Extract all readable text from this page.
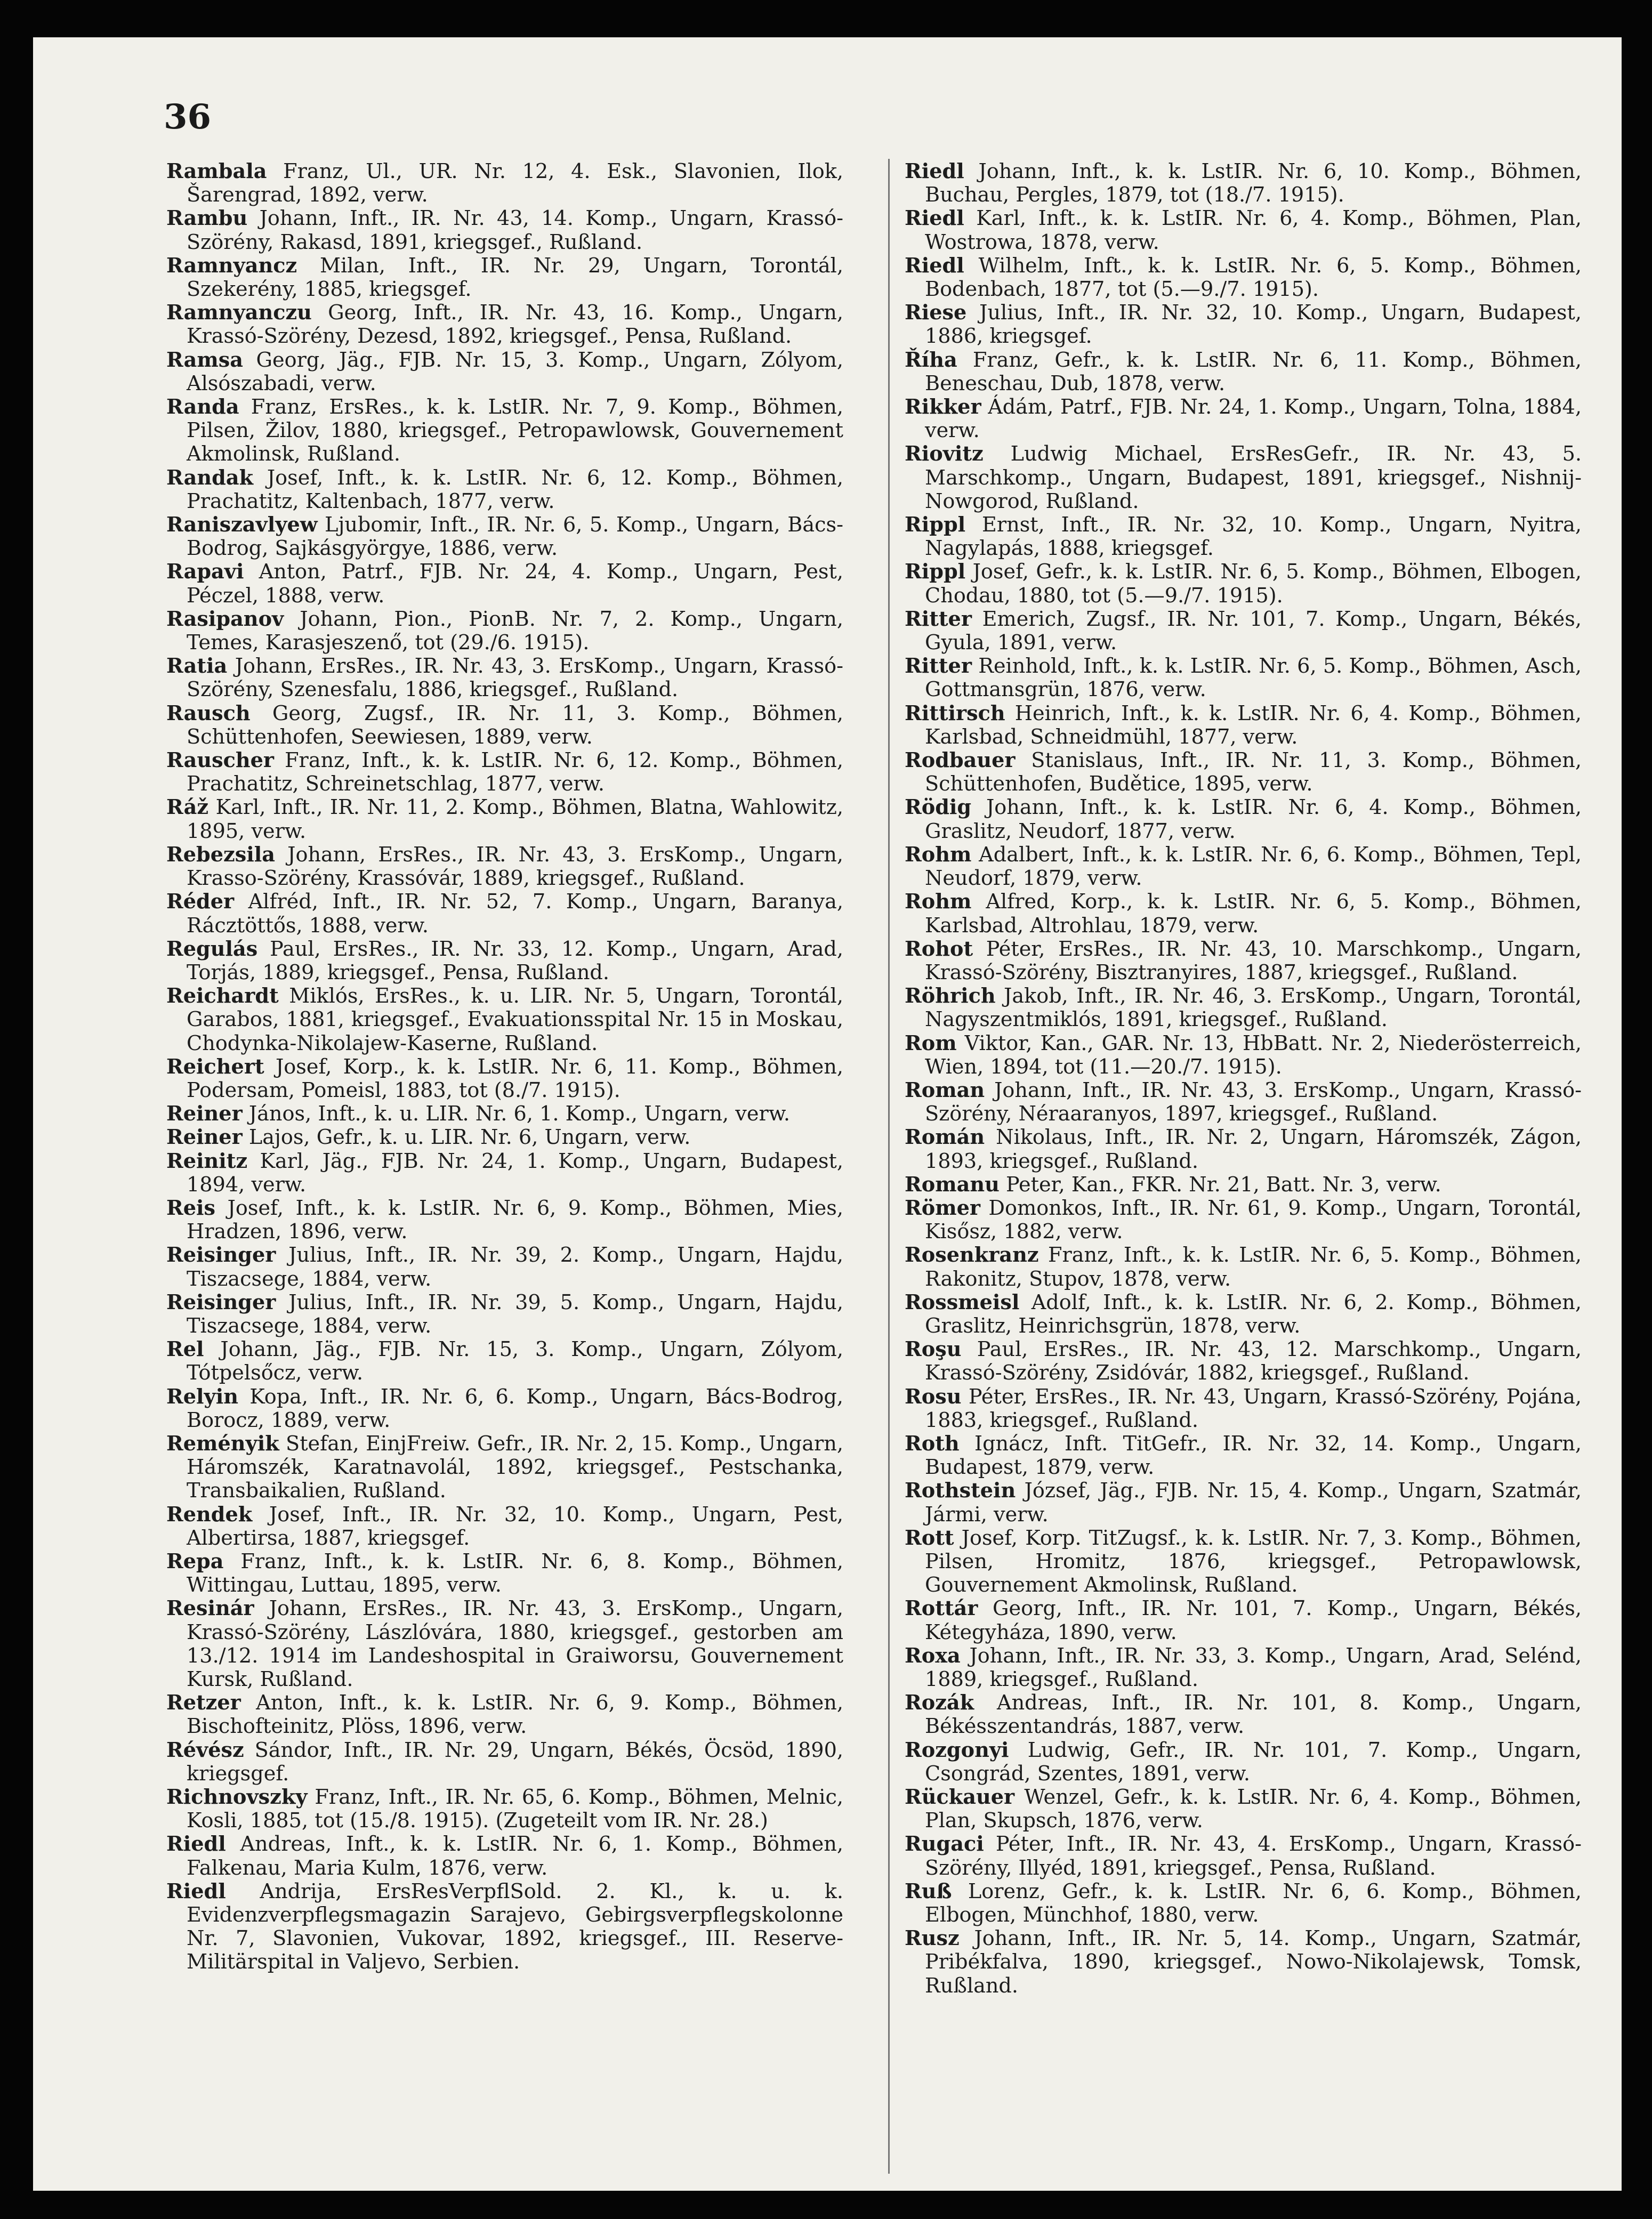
36

Rambala Franz, Ul., UR. Nr. 12, 4. Esk., Slavonien, Ilok, Šarengrad, 1892, verw.

Rambu Johann, Inft., IR. Nr. 43, 14. Komp., Ungarn, Krassó-Szörény, Rakasd, 1891, kriegsgef., Rußland.

Ramnyancz Milan, Inft., IR. Nr. 29, Ungarn, Torontál, Szekerény, 1885, kriegsgef.

Ramnyanczu Georg, Inft., IR. Nr. 43, 16. Komp., Ungarn, Krassó-Szörény, Dezesd, 1892, kriegsgef., Pensa, Rußland.

Ramsa Georg, Jäg., FJB. Nr. 15, 3. Komp., Ungarn, Zólyom, Alsószabadi, verw.

Randa Franz, ErsRes., k. k. LstIR. Nr. 7, 9. Komp., Böhmen, Pilsen, Žilov, 1880, kriegsgef., Petropawlowsk, Gouvernement Akmolinsk, Rußland.

Randak Josef, Inft., k. k. LstIR. Nr. 6, 12. Komp., Böhmen, Prachatitz, Kaltenbach, 1877, verw.

Raniszavlyew Ljubomir, Inft., IR. Nr. 6, 5. Komp., Ungarn, Bács-Bodrog, Sajkásgyörgye, 1886, verw.

Rapavi Anton, Patrf., FJB. Nr. 24, 4. Komp., Ungarn, Pest, Péczel, 1888, verw.

Rasipanov Johann, Pion., PionB. Nr. 7, 2. Komp., Ungarn, Temes, Karasjeszenő, tot (29./6. 1915).

Ratia Johann, ErsRes., IR. Nr. 43, 3. ErsKomp., Ungarn, Krassó-Szörény, Szenesfalu, 1886, kriegsgef., Rußland.

Rausch Georg, Zugsf., IR. Nr. 11, 3. Komp., Böhmen, Schüttenhofen, Seewiesen, 1889, verw.

Rauscher Franz, Inft., k. k. LstIR. Nr. 6, 12. Komp., Böhmen, Prachatitz, Schreinetschlag, 1877, verw.

Ráž Karl, Inft., IR. Nr. 11, 2. Komp., Böhmen, Blatna, Wahlowitz, 1895, verw.

Rebezsila Johann, ErsRes., IR. Nr. 43, 3. ErsKomp., Ungarn, Krasso-Szörény, Krassóvár, 1889, kriegsgef., Rußland.

Réder Alfréd, Inft., IR. Nr. 52, 7. Komp., Ungarn, Baranya, Rácztöttős, 1888, verw.

Regulás Paul, ErsRes., IR. Nr. 33, 12. Komp., Ungarn, Arad, Torjás, 1889, kriegsgef., Pensa, Rußland.

Reichardt Miklós, ErsRes., k. u. LIR. Nr. 5, Ungarn, Torontál, Garabos, 1881, kriegsgef., Evakuationsspital Nr. 15 in Moskau, Chodynka-Nikolajew-Kaserne, Rußland.

Reichert Josef, Korp., k. k. LstIR. Nr. 6, 11. Komp., Böhmen, Podersam, Pomeisl, 1883, tot (8./7. 1915).

Reiner János, Inft., k. u. LIR. Nr. 6, 1. Komp., Ungarn, verw.

Reiner Lajos, Gefr., k. u. LIR. Nr. 6, Ungarn, verw.

Reinitz Karl, Jäg., FJB. Nr. 24, 1. Komp., Ungarn, Budapest, 1894, verw.

Reis Josef, Inft., k. k. LstIR. Nr. 6, 9. Komp., Böhmen, Mies, Hradzen, 1896, verw.

Reisinger Julius, Inft., IR. Nr. 39, 2. Komp., Ungarn, Hajdu, Tiszacsege, 1884, verw.

Reisinger Julius, Inft., IR. Nr. 39, 5. Komp., Ungarn, Hajdu, Tiszacsege, 1884, verw.

Rel Johann, Jäg., FJB. Nr. 15, 3. Komp., Ungarn, Zólyom, Tótpelsőcz, verw.

Relyin Kopa, Inft., IR. Nr. 6, 6. Komp., Ungarn, Bács-Bodrog, Borocz, 1889, verw.

Reményik Stefan, EinjFreiw. Gefr., IR. Nr. 2, 15. Komp., Ungarn, Háromszék, Karatnavolál, 1892, kriegsgef., Pestschanka, Transbaikalien, Rußland.

Rendek Josef, Inft., IR. Nr. 32, 10. Komp., Ungarn, Pest, Albertirsa, 1887, kriegsgef.

Repa Franz, Inft., k. k. LstIR. Nr. 6, 8. Komp., Böhmen, Wittingau, Luttau, 1895, verw.

Resinár Johann, ErsRes., IR. Nr. 43, 3. ErsKomp., Ungarn, Krassó-Szörény, Lászlóvára, 1880, kriegsgef., gestorben am 13./12. 1914 im Landeshospital in Graiworsu, Gouvernement Kursk, Rußland.

Retzer Anton, Inft., k. k. LstIR. Nr. 6, 9. Komp., Böhmen, Bischofteinitz, Plöss, 1896, verw.

Révész Sándor, Inft., IR. Nr. 29, Ungarn, Békés, Öcsöd, 1890, kriegsgef.

Richnovszky Franz, Inft., IR. Nr. 65, 6. Komp., Böhmen, Melnic, Kosli, 1885, tot (15./8. 1915). (Zugeteilt vom IR. Nr. 28.)

Riedl Andreas, Inft., k. k. LstIR. Nr. 6, 1. Komp., Böhmen, Falkenau, Maria Kulm, 1876, verw.

Riedl Andrija, ErsResVerpflSold. 2. Kl., k. u. k. Evidenzverpflegsmagazin Sarajevo, Gebirgsverpflegskolonne Nr. 7, Slavonien, Vukovar, 1892, kriegsgef., III. Reserve-Militärspital in Valjevo, Serbien.

Riedl Johann, Inft., k. k. LstIR. Nr. 6, 10. Komp., Böhmen, Buchau, Pergles, 1879, tot (18./7. 1915).

Riedl Karl, Inft., k. k. LstIR. Nr. 6, 4. Komp., Böhmen, Plan, Wostrowa, 1878, verw.

Riedl Wilhelm, Inft., k. k. LstIR. Nr. 6, 5. Komp., Böhmen, Bodenbach, 1877, tot (5.—9./7. 1915).

Riese Julius, Inft., IR. Nr. 32, 10. Komp., Ungarn, Budapest, 1886, kriegsgef.

Říha Franz, Gefr., k. k. LstIR. Nr. 6, 11. Komp., Böhmen, Beneschau, Dub, 1878, verw.

Rikker Ádám, Patrf., FJB. Nr. 24, 1. Komp., Ungarn, Tolna, 1884, verw.

Riovitz Ludwig Michael, ErsResGefr., IR. Nr. 43, 5. Marschkomp., Ungarn, Budapest, 1891, kriegsgef., Nishnij-Nowgorod, Rußland.

Rippl Ernst, Inft., IR. Nr. 32, 10. Komp., Ungarn, Nyitra, Nagylapás, 1888, kriegsgef.

Rippl Josef, Gefr., k. k. LstIR. Nr. 6, 5. Komp., Böhmen, Elbogen, Chodau, 1880, tot (5.—9./7. 1915).

Ritter Emerich, Zugsf., IR. Nr. 101, 7. Komp., Ungarn, Békés, Gyula, 1891, verw.

Ritter Reinhold, Inft., k. k. LstIR. Nr. 6, 5. Komp., Böhmen, Asch, Gottmansgrün, 1876, verw.

Rittirsch Heinrich, Inft., k. k. LstIR. Nr. 6, 4. Komp., Böhmen, Karlsbad, Schneidmühl, 1877, verw.

Rodbauer Stanislaus, Inft., IR. Nr. 11, 3. Komp., Böhmen, Schüttenhofen, Budětice, 1895, verw.

Rödig Johann, Inft., k. k. LstIR. Nr. 6, 4. Komp., Böhmen, Graslitz, Neudorf, 1877, verw.

Rohm Adalbert, Inft., k. k. LstIR. Nr. 6, 6. Komp., Böhmen, Tepl, Neudorf, 1879, verw.

Rohm Alfred, Korp., k. k. LstIR. Nr. 6, 5. Komp., Böhmen, Karlsbad, Altrohlau, 1879, verw.

Rohot Péter, ErsRes., IR. Nr. 43, 10. Marschkomp., Ungarn, Krassó-Szörény, Bisztranyires, 1887, kriegsgef., Rußland.

Röhrich Jakob, Inft., IR. Nr. 46, 3. ErsKomp., Ungarn, Torontál, Nagyszentmiklós, 1891, kriegsgef., Rußland.

Rom Viktor, Kan., GAR. Nr. 13, HbBatt. Nr. 2, Niederösterreich, Wien, 1894, tot (11.—20./7. 1915).

Roman Johann, Inft., IR. Nr. 43, 3. ErsKomp., Ungarn, Krassó-Szörény, Néraaranyos, 1897, kriegsgef., Rußland.

Román Nikolaus, Inft., IR. Nr. 2, Ungarn, Háromszék, Zágon, 1893, kriegsgef., Rußland.

Romanu Peter, Kan., FKR. Nr. 21, Batt. Nr. 3, verw.

Römer Domonkos, Inft., IR. Nr. 61, 9. Komp., Ungarn, Torontál, Kisősz, 1882, verw.

Rosenkranz Franz, Inft., k. k. LstIR. Nr. 6, 5. Komp., Böhmen, Rakonitz, Stupov, 1878, verw.

Rossmeisl Adolf, Inft., k. k. LstIR. Nr. 6, 2. Komp., Böhmen, Graslitz, Heinrichsgrün, 1878, verw.

Roşu Paul, ErsRes., IR. Nr. 43, 12. Marschkomp., Ungarn, Krassó-Szörény, Zsidóvár, 1882, kriegsgef., Rußland.

Rosu Péter, ErsRes., IR. Nr. 43, Ungarn, Krassó-Szörény, Pojána, 1883, kriegsgef., Rußland.

Roth Ignácz, Inft. TitGefr., IR. Nr. 32, 14. Komp., Ungarn, Budapest, 1879, verw.

Rothstein József, Jäg., FJB. Nr. 15, 4. Komp., Ungarn, Szatmár, Jármi, verw.

Rott Josef, Korp. TitZugsf., k. k. LstIR. Nr. 7, 3. Komp., Böhmen, Pilsen, Hromitz, 1876, kriegsgef., Petropawlowsk, Gouvernement Akmolinsk, Rußland.

Rottár Georg, Inft., IR. Nr. 101, 7. Komp., Ungarn, Békés, Kétegyháza, 1890, verw.

Roxa Johann, Inft., IR. Nr. 33, 3. Komp., Ungarn, Arad, Selénd, 1889, kriegsgef., Rußland.

Rozák Andreas, Inft., IR. Nr. 101, 8. Komp., Ungarn, Békésszentandrás, 1887, verw.

Rozgonyi Ludwig, Gefr., IR. Nr. 101, 7. Komp., Ungarn, Csongrád, Szentes, 1891, verw.

Rückauer Wenzel, Gefr., k. k. LstIR. Nr. 6, 4. Komp., Böhmen, Plan, Skupsch, 1876, verw.

Rugaci Péter, Inft., IR. Nr. 43, 4. ErsKomp., Ungarn, Krassó-Szörény, Illyéd, 1891, kriegsgef., Pensa, Rußland.

Ruß Lorenz, Gefr., k. k. LstIR. Nr. 6, 6. Komp., Böhmen, Elbogen, Münchhof, 1880, verw.

Rusz Johann, Inft., IR. Nr. 5, 14. Komp., Ungarn, Szatmár, Pribékfalva, 1890, kriegsgef., Nowo-Nikolajewsk, Tomsk, Rußland.
